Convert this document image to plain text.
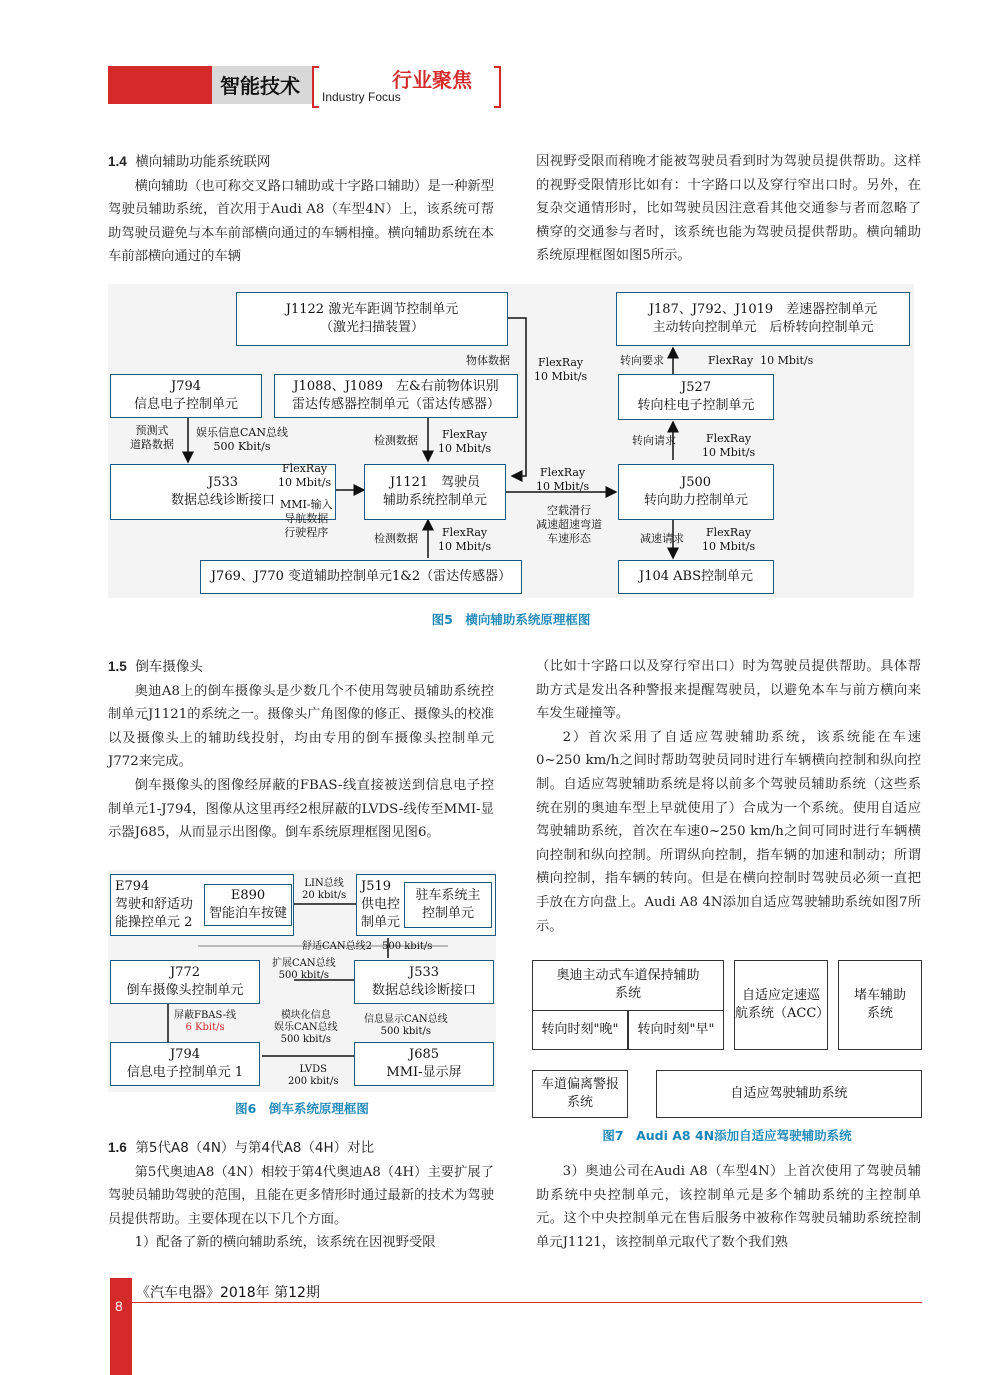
智能技术	行业聚焦
Industry Focus

1.4 横向辅助功能系统联网

横向辅助（也可称交叉路口辅助或十字路口辅助）是一种新型驾驶员辅助系统，首次用于Audi A8（车型4N）上，该系统可帮助驾驶员避免与本车前部横向通过的车辆相撞。横向辅助系统在本车前部横向通过的车辆

因视野受限而稍晚才能被驾驶员看到时为驾驶员提供帮助。这样的视野受限情形比如有：十字路口以及穿行窄出口时。另外，在复杂交通情形时，比如驾驶员因注意看其他交通参与者而忽略了横穿的交通参与者时，该系统也能为驾驶员提供帮助。横向辅助系统原理框图如图5所示。

J1122 激光车距调节控制单元
（激光扫描装置）
J187、J792、J1019　差速器控制单元
主动转向控制单元　后桥转向控制单元
J794
信息电子控制单元
J1088、J1089　左&右前物体识别
雷达传感器控制单元（雷达传感器）
J527
转向柱电子控制单元
J533
数据总线诊断接口
J1121　驾驶员
辅助系统控制单元
J500
转向助力控制单元
J769、J770 变道辅助控制单元1&2（雷达传感器）	J104 ABS控制单元
物体数据	FlexRay
10 Mbit/s
转向要求	FlexRay 10 Mbit/s
预测式
道路数据
娱乐信息CAN总线
500 Kbit/s	检测数据	FlexRay
10 Mbit/s
转向请求	FlexRay
10 Mbit/s
FlexRay
10 Mbit/s
FlexRay
10 Mbit/s
MMI-输入
导航数据
行驶程序
空载滑行
减速超速弯道
车速形态
检测数据	FlexRay
10 Mbit/s
减速请求	FlexRay
10 Mbit/s
图5　横向辅助系统原理框图

1.5 倒车摄像头

奥迪A8上的倒车摄像头是少数几个不使用驾驶员辅助系统控制单元J1121的系统之一。摄像头广角图像的修正、摄像头的校准以及摄像头上的辅助线投射，均由专用的倒车摄像头控制单元J772来完成。

倒车摄像头的图像经屏蔽的FBAS-线直接被送到信息电子控制单元1-J794，图像从这里再经2根屏蔽的LVDS-线传至MMI-显示器J685，从而显示出图像。倒车系统原理框图见图6。

E794
驾驶和舒适功
能操控单元 2
E890
智能泊车按键
J519
供电控
制单元
驻车系统主
控制单元
J772
倒车摄像头控制单元
J533
数据总线诊断接口
J794
信息电子控制单元 1
J685
MMI-显示屏
LIN总线
20 kbit/s
舒适CAN总线2　500 kbit/s
扩展CAN总线
500 kbit/s
屏蔽FBAS-线
6 Kbit/s
模块化信息
娱乐CAN总线
500 kbit/s
信息显示CAN总线
500 kbit/s
LVDS
200 kbit/s
图6　倒车系统原理框图

1.6 第5代A8（4N）与第4代A8（4H）对比

第5代奥迪A8（4N）相较于第4代奥迪A8（4H）主要扩展了驾驶员辅助驾驶的范围，且能在更多情形时通过最新的技术为驾驶员提供帮助。主要体现在以下几个方面。

1）配备了新的横向辅助系统，该系统在因视野受限

（比如十字路口以及穿行窄出口）时为驾驶员提供帮助。具体帮助方式是发出各种警报来提醒驾驶员，以避免本车与前方横向来车发生碰撞等。

2）首次采用了自适应驾驶辅助系统，该系统能在车速0~250 km/h之间时帮助驾驶员同时进行车辆横向控制和纵向控制。自适应驾驶辅助系统是将以前多个驾驶员辅助系统（这些系统在别的奥迪车型上早就使用了）合成为一个系统。使用自适应驾驶辅助系统，首次在车速0~250 km/h之间可同时进行车辆横向控制和纵向控制。所谓纵向控制，指车辆的加速和制动；所谓横向控制，指车辆的转向。但是在横向控制时驾驶员必须一直把手放在方向盘上。Audi A8 4N添加自适应驾驶辅助系统如图7所示。

奥迪主动式车道保持辅助
系统
转向时刻"晚" 转向时刻"早"
自适应定速巡
航系统（ACC）
堵车辅助
系统
车道偏离警报
系统
自适应驾驶辅助系统
图7　Audi A8 4N添加自适应驾驶辅助系统

3）奥迪公司在Audi A8（车型4N）上首次使用了驾驶员辅助系统中央控制单元，该控制单元是多个辅助系统的主控制单元。这个中央控制单元在售后服务中被称作驾驶员辅助系统控制单元J1121，该控制单元取代了数个我们熟

8
《汽车电器》2018年 第12期
